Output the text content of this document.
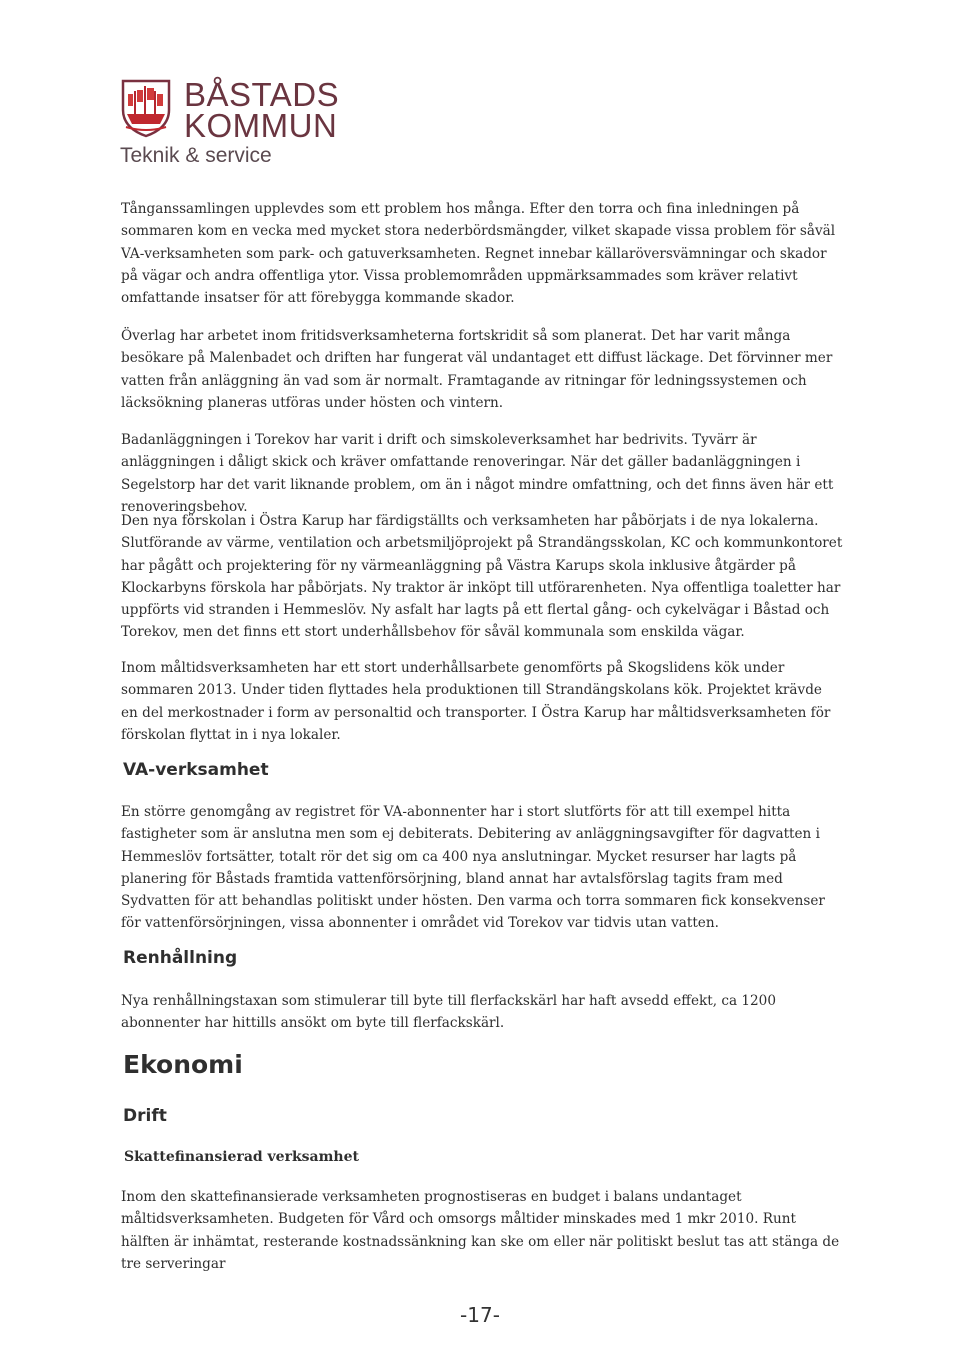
BÅSTADS
KOMMUN
Teknik & service

Tånganssamlingen upplevdes som ett problem hos många. Efter den torra och fina inledningen på sommaren kom en vecka med mycket stora nederbördsmängder, vilket skapade vissa problem för såväl VA-verksamheten som park- och gatuverksamheten. Regnet innebar källaröversvämningar och skador på vägar och andra offentliga ytor. Vissa problemområden uppmärksammades som kräver relativt omfattande insatser för att förebygga kommande skador.

Överlag har arbetet inom fritidsverksamheterna fortskridit så som planerat. Det har varit många besökare på Malenbadet och driften har fungerat väl undantaget ett diffust läckage. Det förvinner mer vatten från anläggning än vad som är normalt. Framtagande av ritningar för ledningssystemen och läcksökning planeras utföras under hösten och vintern.

Badanläggningen i Torekov har varit i drift och simskoleverksamhet har bedrivits. Tyvärr är anläggningen i dåligt skick och kräver omfattande renoveringar. När det gäller badanläggningen i Segelstorp har det varit liknande problem, om än i något mindre omfattning, och det finns även här ett renoveringsbehov.

Den nya förskolan i Östra Karup har färdigställts och verksamheten har påbörjats i de nya lokalerna. Slutförande av värme, ventilation och arbetsmiljöprojekt på Strandängsskolan, KC och kommunkontoret har pågått och projektering för ny värmeanläggning på Västra Karups skola inklusive åtgärder på Klockarbyns förskola har påbörjats. Ny traktor är inköpt till utförarenheten. Nya offentliga toaletter har uppförts vid stranden i Hemmeslöv. Ny asfalt har lagts på ett flertal gång- och cykelvägar i Båstad och Torekov, men det finns ett stort underhållsbehov för såväl kommunala som enskilda vägar.

Inom måltidsverksamheten har ett stort underhållsarbete genomförts på Skogslidens kök under sommaren 2013. Under tiden flyttades hela produktionen till Strandängskolans kök. Projektet krävde en del merkostnader i form av personaltid och transporter. I Östra Karup har måltidsverksamheten för förskolan flyttat in i nya lokaler.

VA-verksamhet

En större genomgång av registret för VA-abonnenter har i stort slutförts för att till exempel hitta fastigheter som är anslutna men som ej debiterats. Debitering av anläggningsavgifter för dagvatten i Hemmeslöv fortsätter, totalt rör det sig om ca 400 nya anslutningar. Mycket resurser har lagts på planering för Båstads framtida vattenförsörjning, bland annat har avtalsförslag tagits fram med Sydvatten för att behandlas politiskt under hösten. Den varma och torra sommaren fick konsekvenser för vattenförsörjningen, vissa abonnenter i området vid Torekov var tidvis utan vatten.

Renhållning

Nya renhållningstaxan som stimulerar till byte till flerfackskärl har haft avsedd effekt, ca 1200 abonnenter har hittills ansökt om byte till flerfackskärl.

Ekonomi
Drift
Skattefinansierad verksamhet

Inom den skattefinansierade verksamheten prognostiseras en budget i balans undantaget måltidsverksamheten. Budgeten för Vård och omsorgs måltider minskades med 1 mkr 2010. Runt hälften är inhämtat, resterande kostnadssänkning kan ske om eller när politiskt beslut tas att stänga de tre serveringar

-17-
